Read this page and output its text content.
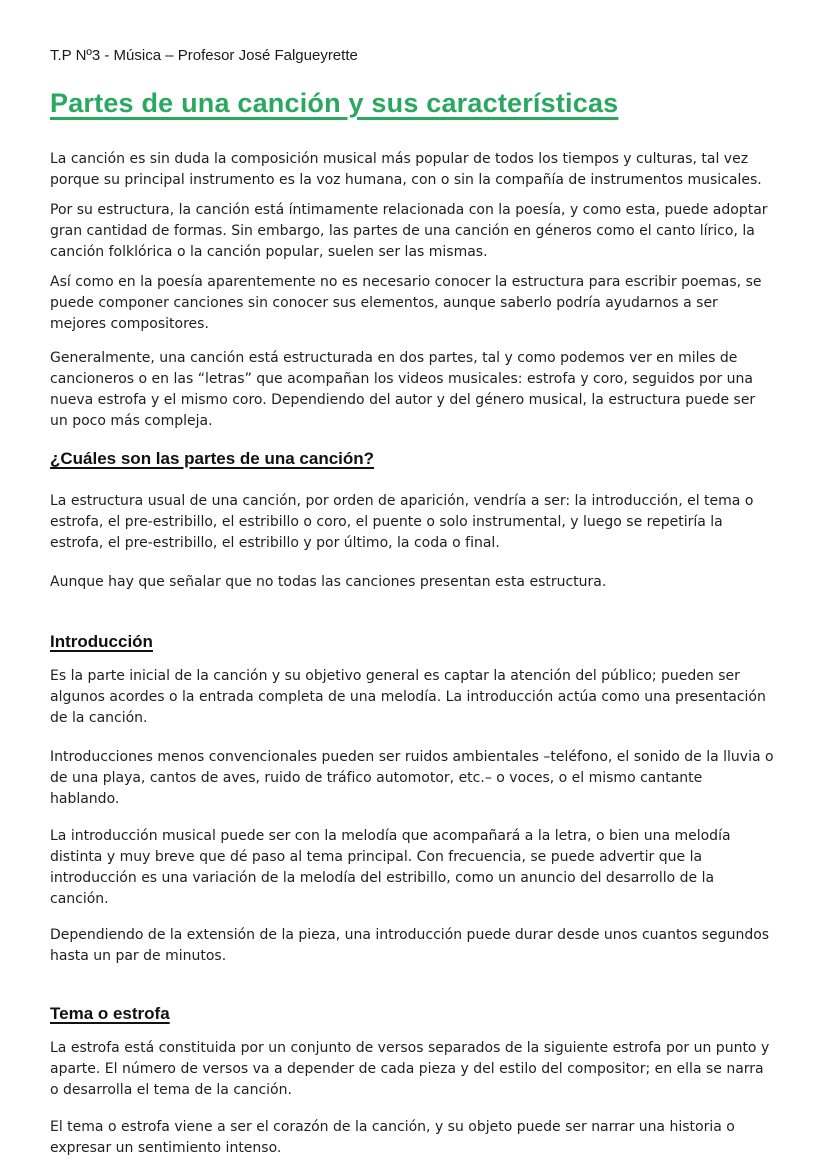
T.P Nº3 - Música – Profesor José Falgueyrette
Partes de una canción y sus características

La canción es sin duda la composición musical más popular de todos los tiempos y culturas, tal vez porque su principal instrumento es la voz humana, con o sin la compañía de instrumentos musicales.

Por su estructura, la canción está íntimamente relacionada con la poesía, y como esta, puede adoptar gran cantidad de formas. Sin embargo, las partes de una canción en géneros como el canto lírico, la canción folklórica o la canción popular, suelen ser las mismas.

Así como en la poesía aparentemente no es necesario conocer la estructura para escribir poemas, se puede componer canciones sin conocer sus elementos, aunque saberlo podría ayudarnos a ser mejores compositores.

Generalmente, una canción está estructurada en dos partes, tal y como podemos ver en miles de cancioneros o en las “letras” que acompañan los videos musicales: estrofa y coro, seguidos por una nueva estrofa y el mismo coro. Dependiendo del autor y del género musical, la estructura puede ser un poco más compleja.

¿Cuáles son las partes de una canción?

La estructura usual de una canción, por orden de aparición, vendría a ser: la introducción, el tema o estrofa, el pre-estribillo, el estribillo o coro, el puente o solo instrumental, y luego se repetiría la estrofa, el pre-estribillo, el estribillo y por último, la coda o final.

Aunque hay que señalar que no todas las canciones presentan esta estructura.

Introducción

Es la parte inicial de la canción y su objetivo general es captar la atención del público; pueden ser algunos acordes o la entrada completa de una melodía. La introducción actúa como una presentación de la canción.

Introducciones menos convencionales pueden ser ruidos ambientales –teléfono, el sonido de la lluvia o de una playa, cantos de aves, ruido de tráfico automotor, etc.– o voces, o el mismo cantante hablando.

La introducción musical puede ser con la melodía que acompañará a la letra, o bien una melodía distinta y muy breve que dé paso al tema principal. Con frecuencia, se puede advertir que la introducción es una variación de la melodía del estribillo, como un anuncio del desarrollo de la canción.

Dependiendo de la extensión de la pieza, una introducción puede durar desde unos cuantos segundos hasta un par de minutos.

Tema o estrofa

La estrofa está constituida por un conjunto de versos separados de la siguiente estrofa por un punto y aparte. El número de versos va a depender de cada pieza y del estilo del compositor; en ella se narra o desarrolla el tema de la canción.

El tema o estrofa viene a ser el corazón de la canción, y su objeto puede ser narrar una historia o expresar un sentimiento intenso.
